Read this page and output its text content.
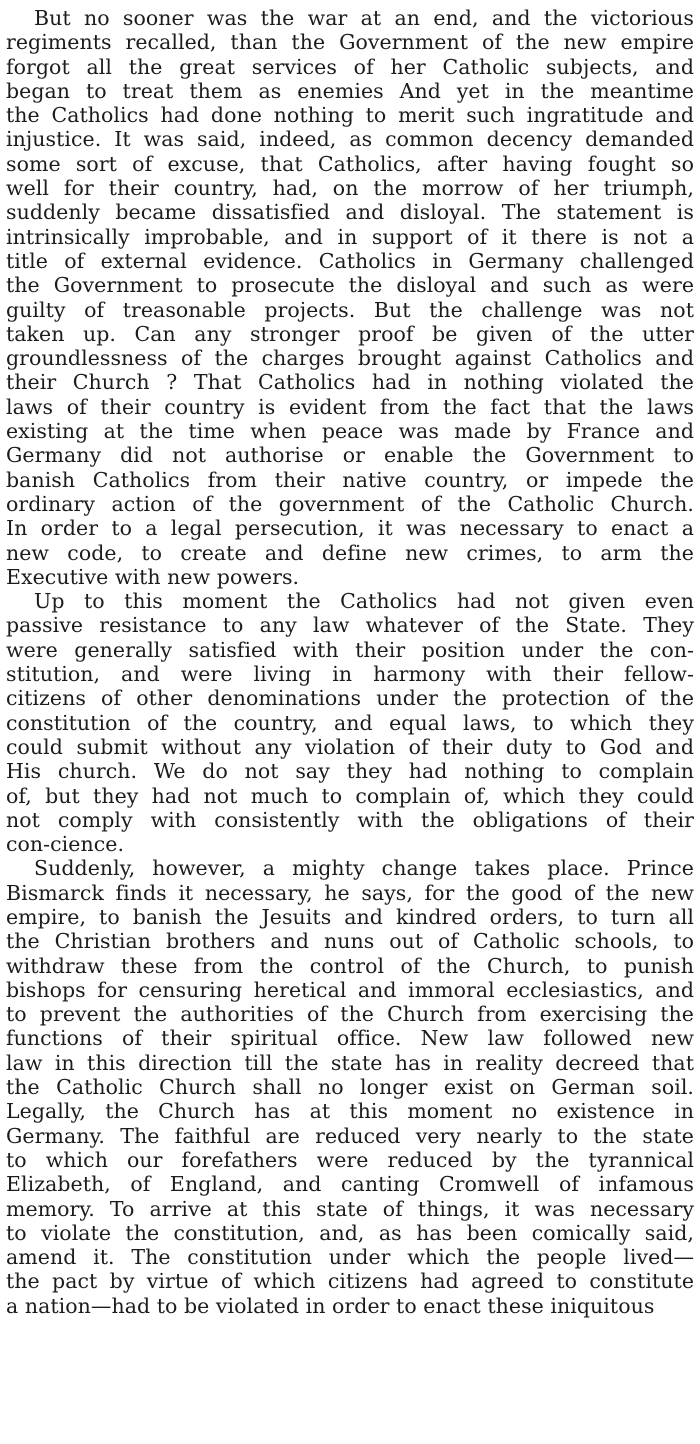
But no sooner was the war at an end, and the victorious
regiments recalled, than the Government of the new empire
forgot all the great services of her Catholic subjects, and
began to treat them as enemies And yet in the meantime
the Catholics had done nothing to merit such ingratitude and
injustice. It was said, indeed, as common decency demanded
some sort of excuse, that Catholics, after having fought so
well for their country, had, on the morrow of her triumph,
suddenly became dissatisfied and disloyal. The statement is
intrinsically improbable, and in support of it there is not a
title of external evidence. Catholics in Germany challenged
the Government to prosecute the disloyal and such as were
guilty of treasonable projects. But the challenge was not
taken up. Can any stronger proof be given of the utter
groundlessness of the charges brought against Catholics and
their Church ? That Catholics had in nothing violated the
laws of their country is evident from the fact that the laws
existing at the time when peace was made by France and
Germany did not authorise or enable the Government to
banish Catholics from their native country, or impede the
ordinary action of the government of the Catholic Church.
In order to a legal persecution, it was necessary to enact a
new code, to create and define new crimes, to arm the
Executive with new powers.
Up to this moment the Catholics had not given even
passive resistance to any law whatever of the State. They
were generally satisfied with their position under the con-
stitution, and were living in harmony with their fellow-
citizens of other denominations under the protection of the
constitution of the country, and equal laws, to which they
could submit without any violation of their duty to God and
His church. We do not say they had nothing to complain
of, but they had not much to complain of, which they could
not comply with consistently with the obligations of their
con-cience.
Suddenly, however, a mighty change takes place. Prince
Bismarck finds it necessary, he says, for the good of the new
empire, to banish the Jesuits and kindred orders, to turn all
the Christian brothers and nuns out of Catholic schools, to
withdraw these from the control of the Church, to punish
bishops for censuring heretical and immoral ecclesiastics, and
to prevent the authorities of the Church from exercising the
functions of their spiritual office. New law followed new
law in this direction till the state has in reality decreed that
the Catholic Church shall no longer exist on German soil.
Legally, the Church has at this moment no existence in
Germany. The faithful are reduced very nearly to the state
to which our forefathers were reduced by the tyrannical
Elizabeth, of England, and canting Cromwell of infamous
memory. To arrive at this state of things, it was necessary
to violate the constitution, and, as has been comically said,
amend it. The constitution under which the people lived—
the pact by virtue of which citizens had agreed to constitute
a nation—had to be violated in order to enact these iniquitous
